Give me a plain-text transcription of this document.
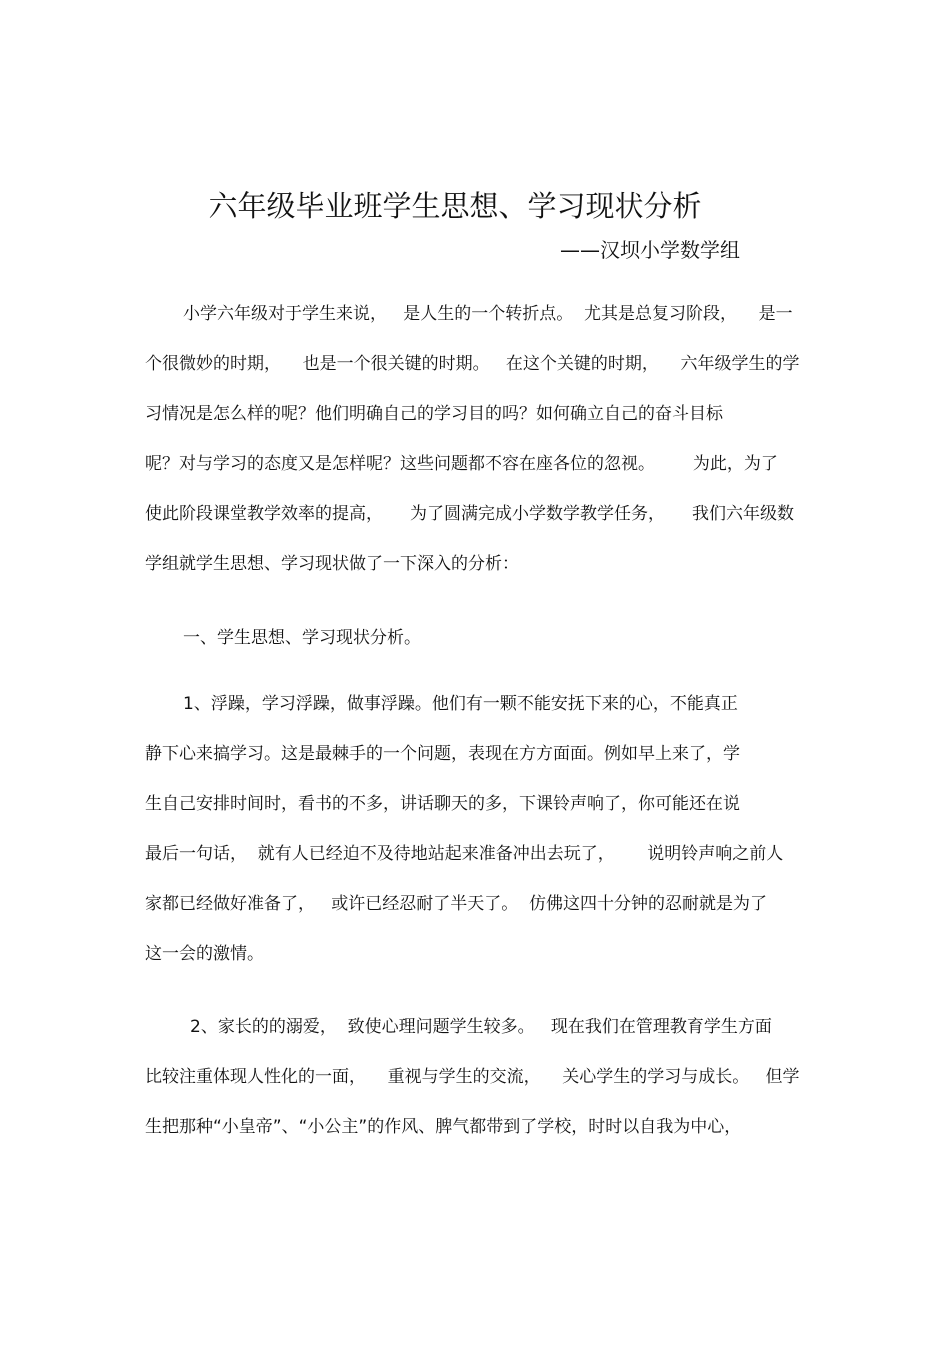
六年级毕业班学生思想、学习现状分析
——汉坝小学数学组
小学六年级对于学生来说，   是人生的一个转折点。  尤其是总复习阶段，    是一
个很微妙的时期，    也是一个很关键的时期。   在这个关键的时期，    六年级学生的学
习情况是怎么样的呢？他们明确自己的学习目的吗？如何确立自己的奋斗目标
呢？对与学习的态度又是怎样呢？这些问题都不容在座各位的忽视。       为此，为了
使此阶段课堂教学效率的提高，     为了圆满完成小学数学教学任务，     我们六年级数
学组就学生思想、学习现状做了一下深入的分析：
一、学生思想、学习现状分析。
1、浮躁，学习浮躁，做事浮躁。他们有一颗不能安抚下来的心，不能真正
静下心来搞学习。这是最棘手的一个问题，表现在方方面面。例如早上来了，学
生自己安排时间时，看书的不多，讲话聊天的多，下课铃声响了，你可能还在说
最后一句话，  就有人已经迫不及待地站起来准备冲出去玩了，      说明铃声响之前人
家都已经做好准备了，   或许已经忍耐了半天了。  仿佛这四十分钟的忍耐就是为了
这一会的激情。
2、家长的的溺爱，  致使心理问题学生较多。   现在我们在管理教育学生方面
比较注重体现人性化的一面，    重视与学生的交流，    关心学生的学习与成长。   但学
生把那种“小皇帝”、“小公主”的作风、脾气都带到了学校，时时以自我为中心，
